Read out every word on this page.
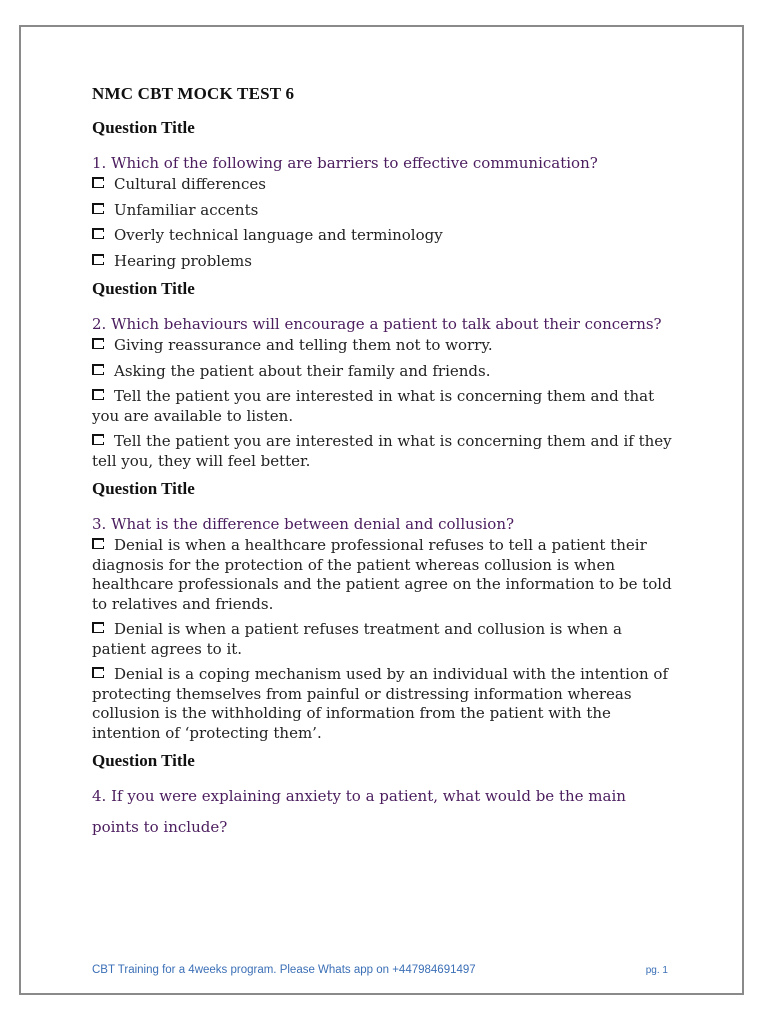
NMC CBT MOCK TEST 6
Question Title
1. Which of the following are barriers to effective communication?
Cultural differences
Unfamiliar accents
Overly technical language and terminology
Hearing problems
Question Title
2. Which behaviours will encourage a patient to talk about their concerns?
Giving reassurance and telling them not to worry.
Asking the patient about their family and friends.
Tell the patient you are interested in what is concerning them and that you are available to listen.
Tell the patient you are interested in what is concerning them and if they tell you, they will feel better.
Question Title
3. What is the difference between denial and collusion?
Denial is when a healthcare professional refuses to tell a patient their diagnosis for the protection of the patient whereas collusion is when healthcare professionals and the patient agree on the information to be told to relatives and friends.
Denial is when a patient refuses treatment and collusion is when a patient agrees to it.
Denial is a coping mechanism used by an individual with the intention of protecting themselves from painful or distressing information whereas collusion is the withholding of information from the patient with the intention of ‘protecting them’.
Question Title
4. If you were explaining anxiety to a patient, what would be the main points to include?
CBT Training for a 4weeks program. Please Whats app on +447984691497	pg. 1
